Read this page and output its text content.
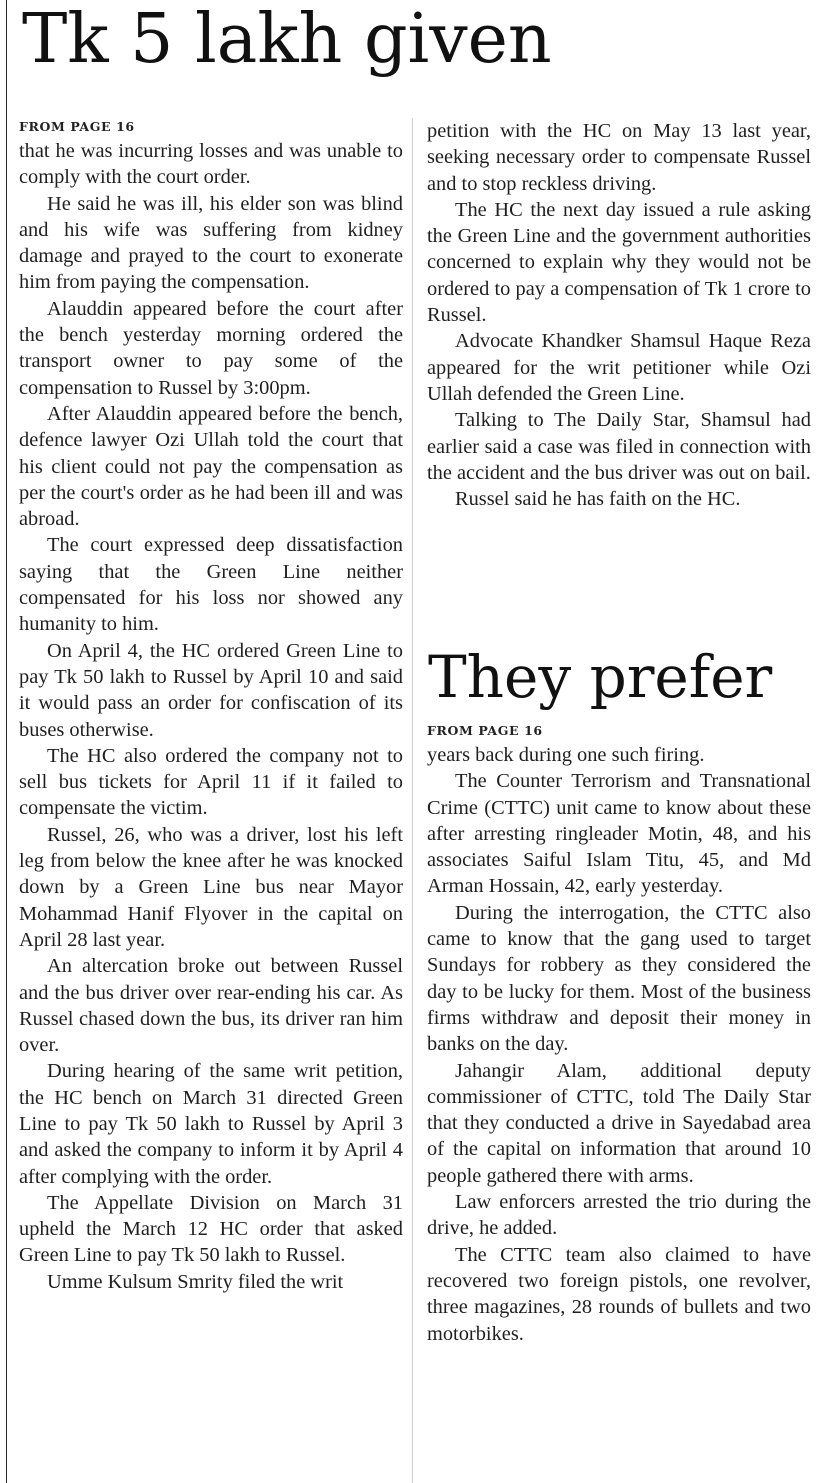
Tk 5 lakh given
FROM PAGE 16

that he was incurring losses and was unable to comply with the court order.

He said he was ill, his elder son was blind and his wife was suffering from kidney damage and prayed to the court to exonerate him from paying the compensation.

Alauddin appeared before the court after the bench yesterday morning ordered the transport owner to pay some of the compensation to Russel by 3:00pm.

After Alauddin appeared before the bench, defence lawyer Ozi Ullah told the court that his client could not pay the compensation as per the court's order as he had been ill and was abroad.

The court expressed deep dissatisfaction saying that the Green Line neither compensated for his loss nor showed any humanity to him.

On April 4, the HC ordered Green Line to pay Tk 50 lakh to Russel by April 10 and said it would pass an order for confiscation of its buses otherwise.

The HC also ordered the company not to sell bus tickets for April 11 if it failed to compensate the victim.

Russel, 26, who was a driver, lost his left leg from below the knee after he was knocked down by a Green Line bus near Mayor Mohammad Hanif Flyover in the capital on April 28 last year.

An altercation broke out between Russel and the bus driver over rear-ending his car. As Russel chased down the bus, its driver ran him over.

During hearing of the same writ petition, the HC bench on March 31 directed Green Line to pay Tk 50 lakh to Russel by April 3 and asked the company to inform it by April 4 after complying with the order.

The Appellate Division on March 31 upheld the March 12 HC order that asked Green Line to pay Tk 50 lakh to Russel.

Umme Kulsum Smrity filed the writ

petition with the HC on May 13 last year, seeking necessary order to compensate Russel and to stop reckless driving.

The HC the next day issued a rule asking the Green Line and the government authorities concerned to explain why they would not be ordered to pay a compensation of Tk 1 crore to Russel.

Advocate Khandker Shamsul Haque Reza appeared for the writ petitioner while Ozi Ullah defended the Green Line.

Talking to The Daily Star, Shamsul had earlier said a case was filed in connection with the accident and the bus driver was out on bail.

Russel said he has faith on the HC.

They prefer
FROM PAGE 16

years back during one such firing.

The Counter Terrorism and Transnational Crime (CTTC) unit came to know about these after arresting ringleader Motin, 48, and his associates Saiful Islam Titu, 45, and Md Arman Hossain, 42, early yesterday.

During the interrogation, the CTTC also came to know that the gang used to target Sundays for robbery as they considered the day to be lucky for them. Most of the business firms withdraw and deposit their money in banks on the day.

Jahangir Alam, additional deputy commissioner of CTTC, told The Daily Star that they conducted a drive in Sayedabad area of the capital on information that around 10 people gathered there with arms.

Law enforcers arrested the trio during the drive, he added.

The CTTC team also claimed to have recovered two foreign pistols, one revolver, three magazines, 28 rounds of bullets and two motorbikes.
